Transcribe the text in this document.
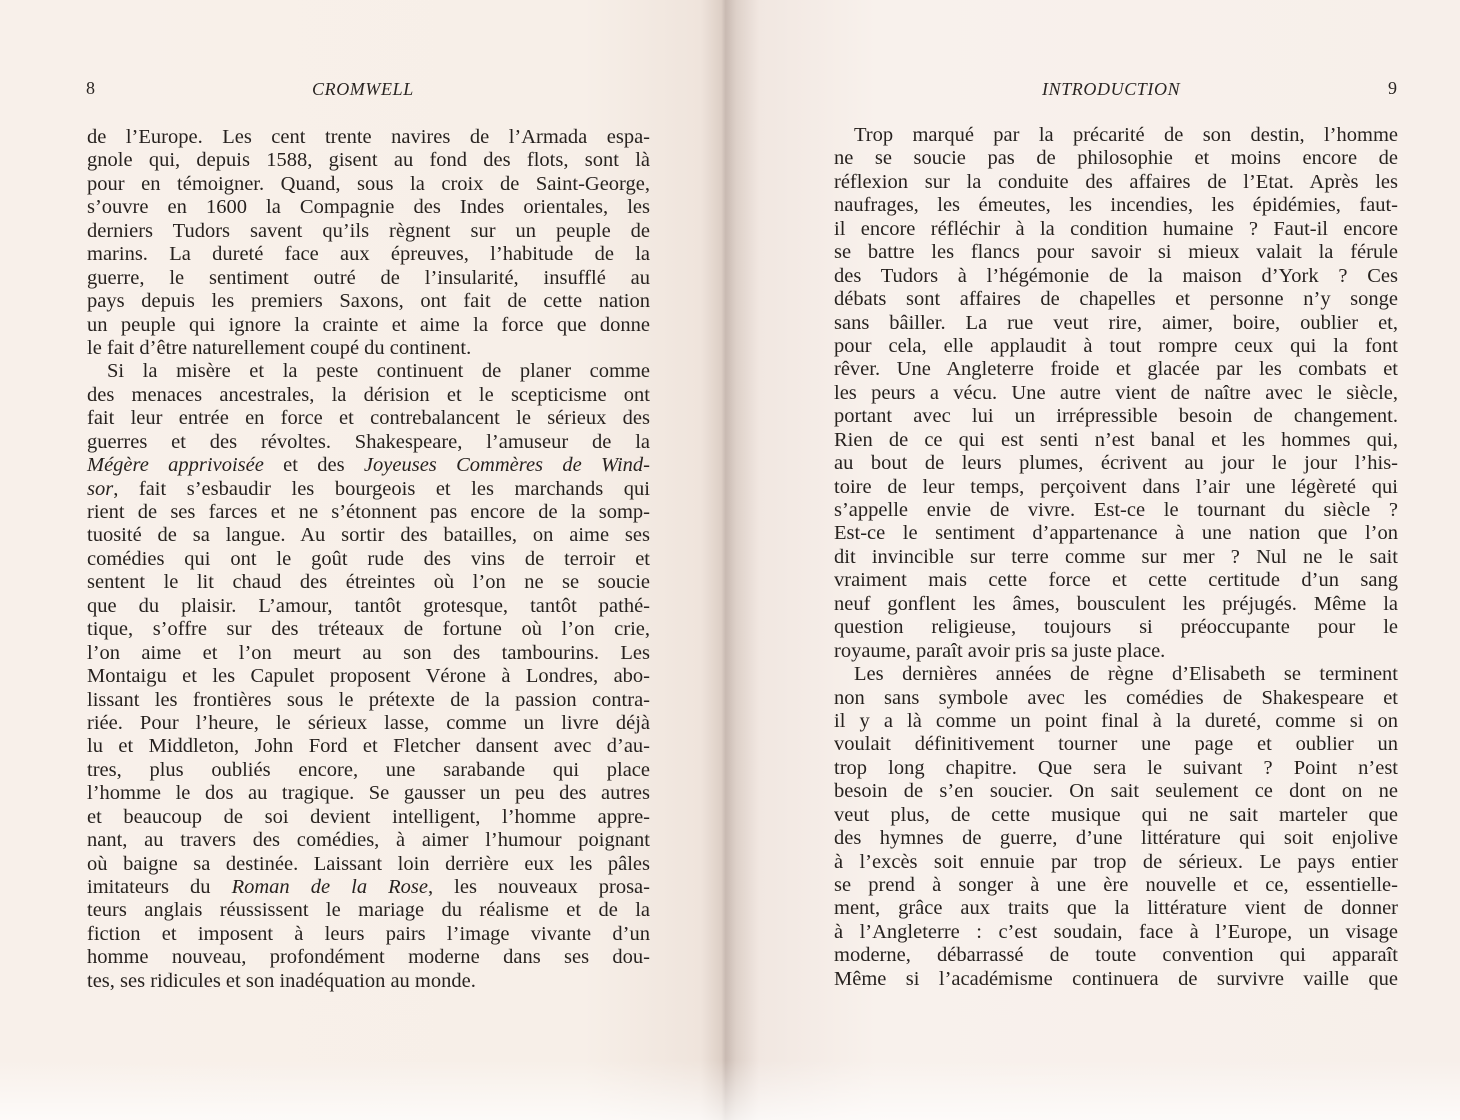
8	CROMWELL
de l’Europe. Les cent trente navires de l’Armada espa-
gnole qui, depuis 1588, gisent au fond des flots, sont là
pour en témoigner. Quand, sous la croix de Saint-George,
s’ouvre en 1600 la Compagnie des Indes orientales, les
derniers Tudors savent qu’ils règnent sur un peuple de
marins. La dureté face aux épreuves, l’habitude de la
guerre, le sentiment outré de l’insularité, insufflé au
pays depuis les premiers Saxons, ont fait de cette nation
un peuple qui ignore la crainte et aime la force que donne
le fait d’être naturellement coupé du continent.
Si la misère et la peste continuent de planer comme
des menaces ancestrales, la dérision et le scepticisme ont
fait leur entrée en force et contrebalancent le sérieux des
guerres et des révoltes. Shakespeare, l’amuseur de la
Mégère apprivoisée et des Joyeuses Commères de Wind-
sor, fait s’esbaudir les bourgeois et les marchands qui
rient de ses farces et ne s’étonnent pas encore de la somp-
tuosité de sa langue. Au sortir des batailles, on aime ses
comédies qui ont le goût rude des vins de terroir et
sentent le lit chaud des étreintes où l’on ne se soucie
que du plaisir. L’amour, tantôt grotesque, tantôt pathé-
tique, s’offre sur des tréteaux de fortune où l’on crie,
l’on aime et l’on meurt au son des tambourins. Les
Montaigu et les Capulet proposent Vérone à Londres, abo-
lissant les frontières sous le prétexte de la passion contra-
riée. Pour l’heure, le sérieux lasse, comme un livre déjà
lu et Middleton, John Ford et Fletcher dansent avec d’au-
tres, plus oubliés encore, une sarabande qui place
l’homme le dos au tragique. Se gausser un peu des autres
et beaucoup de soi devient intelligent, l’homme appre-
nant, au travers des comédies, à aimer l’humour poignant
où baigne sa destinée. Laissant loin derrière eux les pâles
imitateurs du Roman de la Rose, les nouveaux prosa-
teurs anglais réussissent le mariage du réalisme et de la
fiction et imposent à leurs pairs l’image vivante d’un
homme nouveau, profondément moderne dans ses dou-
tes, ses ridicules et son inadéquation au monde.
INTRODUCTION	9
Trop marqué par la précarité de son destin, l’homme
ne se soucie pas de philosophie et moins encore de
réflexion sur la conduite des affaires de l’Etat. Après les
naufrages, les émeutes, les incendies, les épidémies, faut-
il encore réfléchir à la condition humaine ? Faut-il encore
se battre les flancs pour savoir si mieux valait la férule
des Tudors à l’hégémonie de la maison d’York ? Ces
débats sont affaires de chapelles et personne n’y songe
sans bâiller. La rue veut rire, aimer, boire, oublier et,
pour cela, elle applaudit à tout rompre ceux qui la font
rêver. Une Angleterre froide et glacée par les combats et
les peurs a vécu. Une autre vient de naître avec le siècle,
portant avec lui un irrépressible besoin de changement.
Rien de ce qui est senti n’est banal et les hommes qui,
au bout de leurs plumes, écrivent au jour le jour l’his-
toire de leur temps, perçoivent dans l’air une légèreté qui
s’appelle envie de vivre. Est-ce le tournant du siècle ?
Est-ce le sentiment d’appartenance à une nation que l’on
dit invincible sur terre comme sur mer ? Nul ne le sait
vraiment mais cette force et cette certitude d’un sang
neuf gonflent les âmes, bousculent les préjugés. Même la
question religieuse, toujours si préoccupante pour le
royaume, paraît avoir pris sa juste place.
Les dernières années de règne d’Elisabeth se terminent
non sans symbole avec les comédies de Shakespeare et
il y a là comme un point final à la dureté, comme si on
voulait définitivement tourner une page et oublier un
trop long chapitre. Que sera le suivant ? Point n’est
besoin de s’en soucier. On sait seulement ce dont on ne
veut plus, de cette musique qui ne sait marteler que
des hymnes de guerre, d’une littérature qui soit enjolive
à l’excès soit ennuie par trop de sérieux. Le pays entier
se prend à songer à une ère nouvelle et ce, essentielle-
ment, grâce aux traits que la littérature vient de donner
à l’Angleterre : c’est soudain, face à l’Europe, un visage
moderne, débarrassé de toute convention qui apparaît
Même si l’académisme continuera de survivre vaille que
